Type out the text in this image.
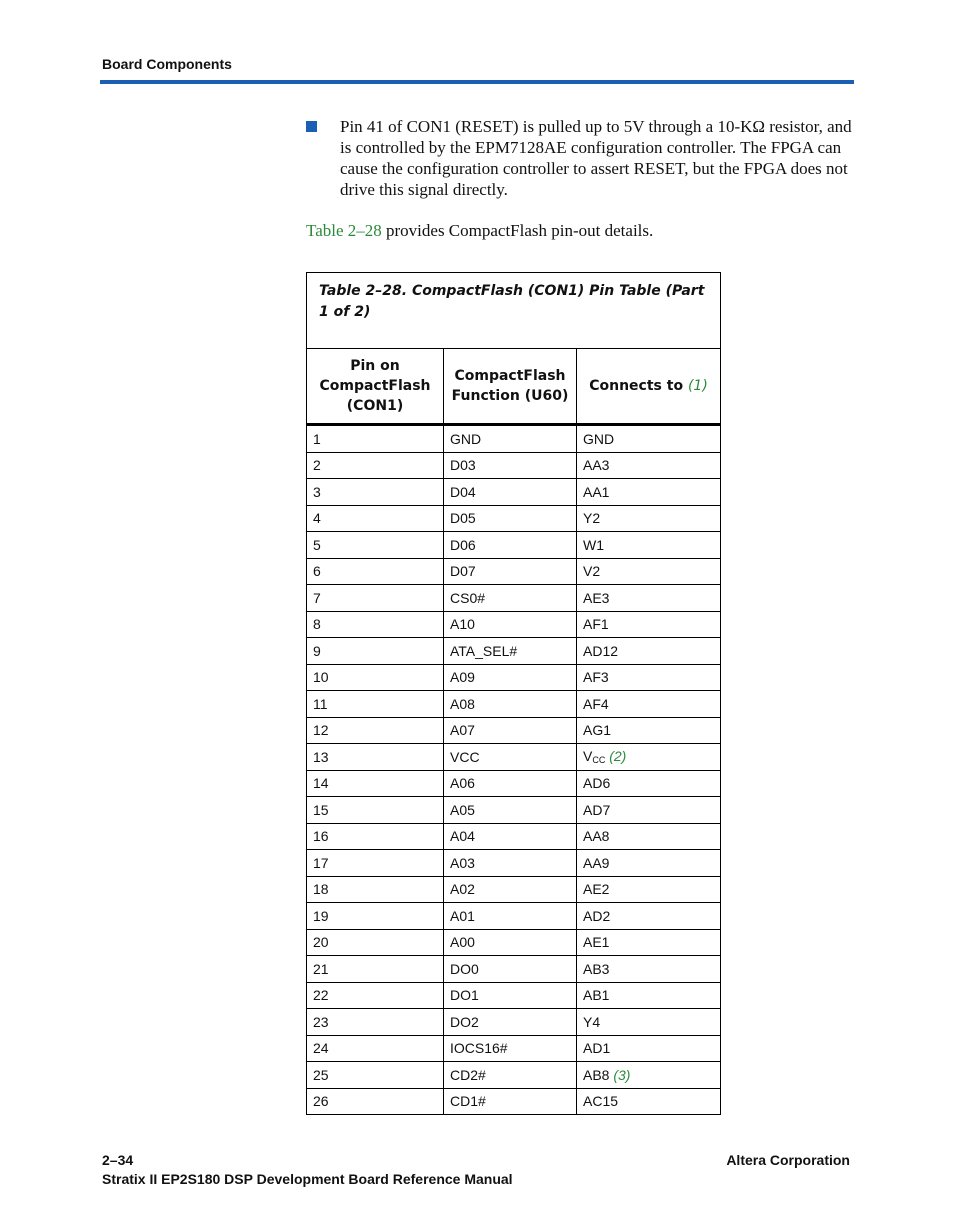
Board Components
Pin 41 of CON1 (RESET) is pulled up to 5V through a 10-KΩ resistor, and is controlled by the EPM7128AE configuration controller. The FPGA can cause the configuration controller to assert RESET, but the FPGA does not drive this signal directly.
Table 2–28 provides CompactFlash pin-out details.
Table 2–28. CompactFlash (CON1) Pin Table (Part 1 of 2)		
Pin on CompactFlash (CON1)	CompactFlash Function (U60)	Connects to (1)
1	GND	GND
2	D03	AA3
3	D04	AA1
4	D05	Y2
5	D06	W1
6	D07	V2
7	CS0#	AE3
8	A10	AF1
9	ATA_SEL#	AD12
10	A09	AF3
11	A08	AF4
12	A07	AG1
13	VCC	$V_{CC}$ (2)
14	A06	AD6
15	A05	AD7
16	A04	AA8
17	A03	AA9
18	A02	AE2
19	A01	AD2
20	A00	AE1
21	DO0	AB3
22	DO1	AB1
23	DO2	Y4
24	IOCS16#	AD1
25	CD2#	AB8 (3)
26	CD1#	AC15
2–34
Stratix II EP2S180 DSP Development Board Reference Manual
Altera Corporation
